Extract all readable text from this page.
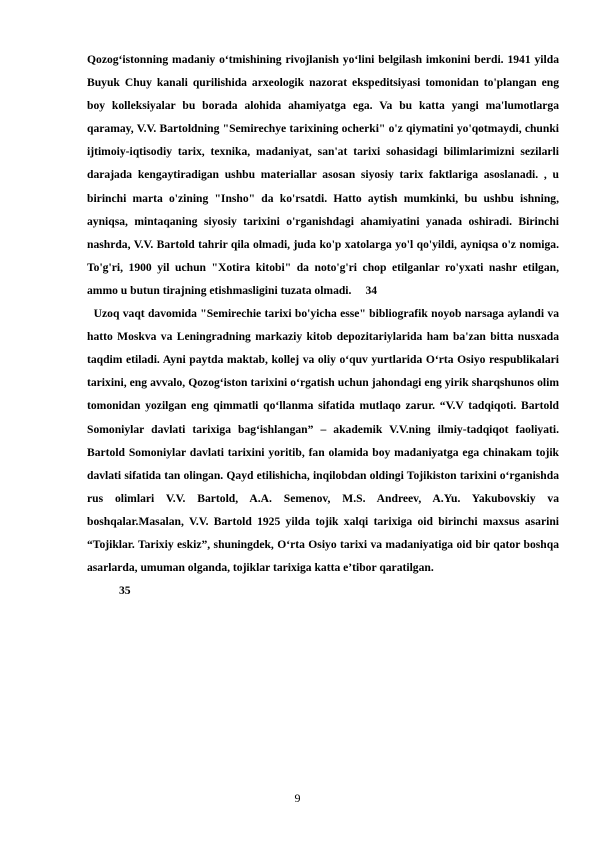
Qozog‘istonning madaniy o‘tmishining rivojlanish yo‘lini belgilash imkonini berdi. 1941 yilda Buyuk Chuy kanali qurilishida arxeologik nazorat ekspeditsiyasi tomonidan to'plangan eng boy kolleksiyalar bu borada alohida ahamiyatga ega. Va bu katta yangi ma'lumotlarga qaramay, V.V. Bartoldning "Semirechye tarixining ocherki" o'z qiymatini yo'qotmaydi, chunki ijtimoiy-iqtisodiy tarix, texnika, madaniyat, san'at tarixi sohasidagi bilimlarimizni sezilarli darajada kengaytiradigan ushbu materiallar asosan siyosiy tarix faktlariga asoslanadi. , u birinchi marta o'zining "Insho" da ko'rsatdi. Hatto aytish mumkinki, bu ushbu ishning, ayniqsa, mintaqaning siyosiy tarixini o'rganishdagi ahamiyatini yanada oshiradi. Birinchi nashrda, V.V. Bartold tahrir qila olmadi, juda ko'p xatolarga yo'l qo'yildi, ayniqsa o'z nomiga. To'g'ri, 1900 yil uchun "Xotira kitobi" da noto'g'ri chop etilganlar ro'yxati nashr etilgan, ammo u butun tirajning etishmasligini tuzata olmadi. 34

Uzoq vaqt davomida "Semirechie tarixi bo'yicha esse" bibliografik noyob narsaga aylandi va hatto Moskva va Leningradning markaziy kitob depozitariylarida ham ba'zan bitta nusxada taqdim etiladi. Ayni paytda maktab, kollej va oliy o‘quv yurtlarida O‘rta Osiyo respublikalari tarixini, eng avvalo, Qozog‘iston tarixini o‘rgatish uchun jahondagi eng yirik sharqshunos olim tomonidan yozilgan eng qimmatli qo‘llanma sifatida mutlaqo zarur. “V.V tadqiqoti. Bartold Somoniylar davlati tarixiga bag‘ishlangan” – akademik V.V.ning ilmiy-tadqiqot faoliyati. Bartold Somoniylar davlati tarixini yoritib, fan olamida boy madaniyatga ega chinakam tojik davlati sifatida tan olingan. Qayd etilishicha, inqilobdan oldingi Tojikiston tarixini o‘rganishda rus olimlari V.V. Bartold, A.A. Semenov, M.S. Andreev, A.Yu. Yakubovskiy va boshqalar.Masalan, V.V. Bartold 1925 yilda tojik xalqi tarixiga oid birinchi maxsus asarini “Tojiklar. Tarixiy eskiz”, shuningdek, O‘rta Osiyo tarixi va madaniyatiga oid bir qator boshqa asarlarda, umuman olganda, tojiklar tarixiga katta e’tibor qaratilgan.
35

9
